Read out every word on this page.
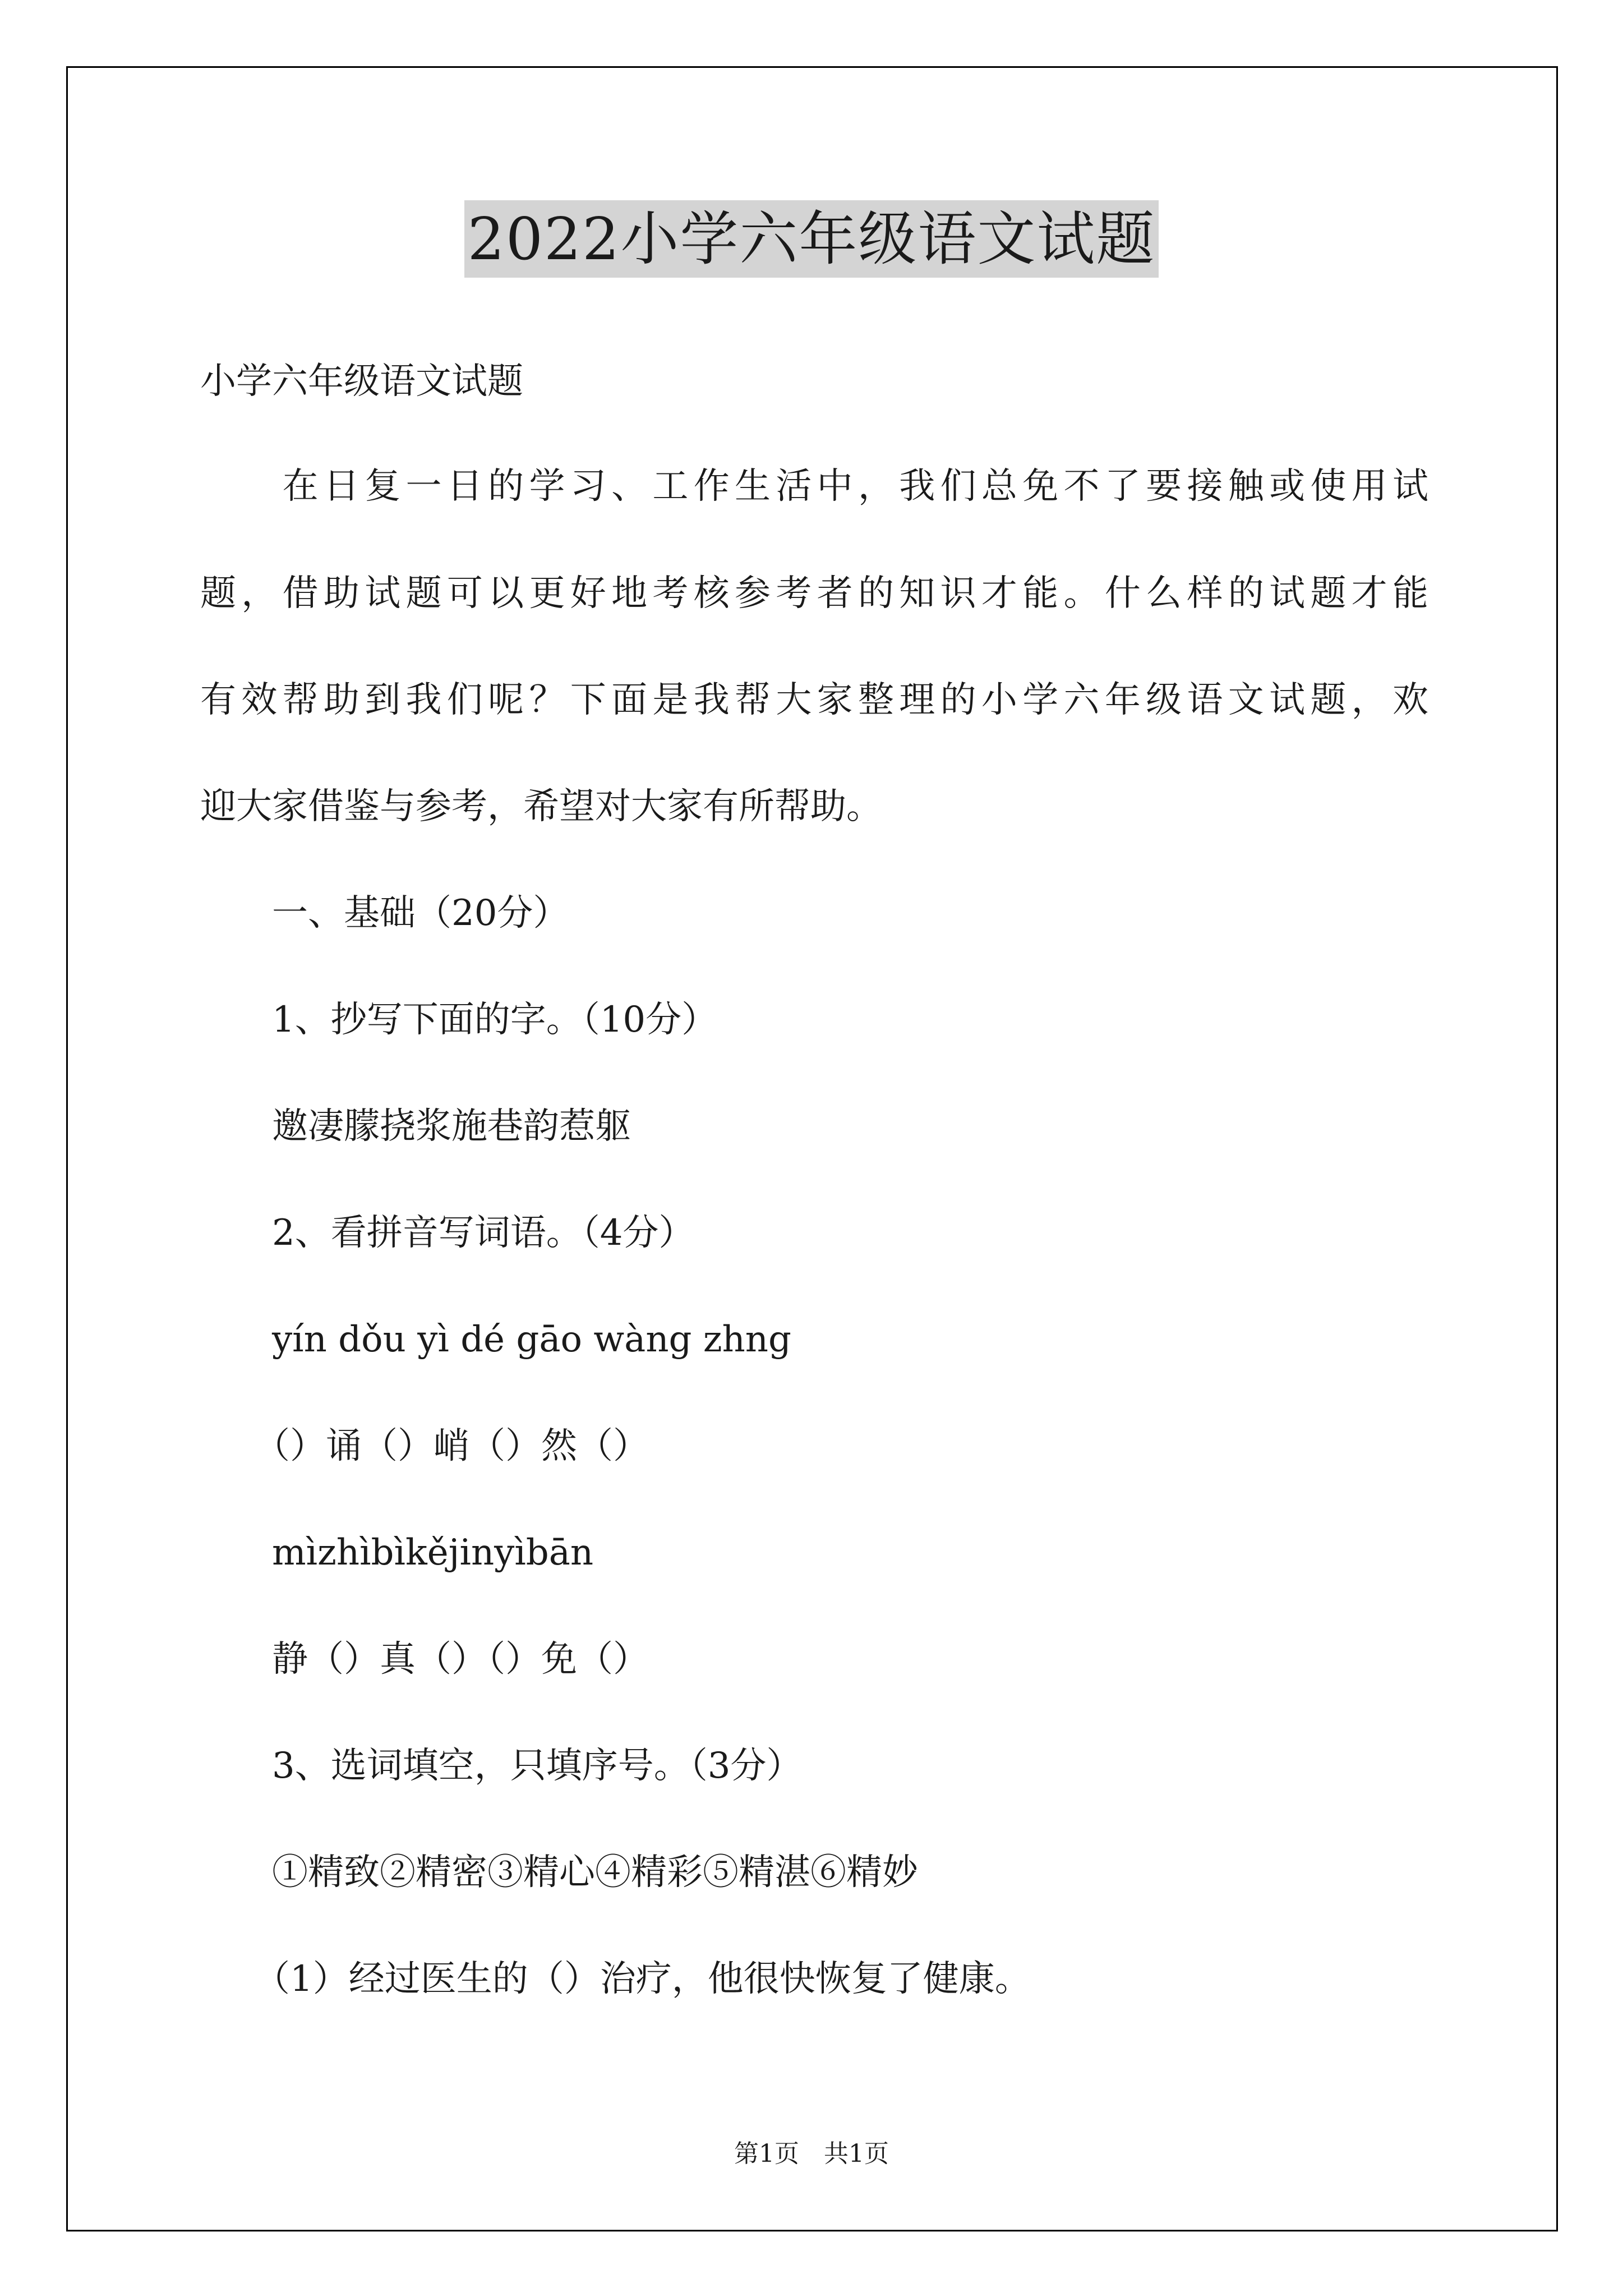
2022小学六年级语文试题
小学六年级语文试题
　　在日复一日的学习、工作生活中，我们总免不了要接触或使用试
题，借助试题可以更好地考核参考者的知识才能。什么样的试题才能
有效帮助到我们呢？下面是我帮大家整理的小学六年级语文试题，欢
迎大家借鉴与参考，希望对大家有所帮助。
　　一、基础（20分）
　　1、抄写下面的字。（10分）
　　邀凄朦挠浆施巷韵惹躯
　　2、看拼音写词语。（4分）
　　yín dǒu yì dé gāo wàng zhng
　　（）诵（）峭（）然（）
　　mìzhìbìkějinyìbān
　　静（）真（）（）免（）
　　3、选词填空，只填序号。（3分）
　　①精致②精密③精心④精彩⑤精湛⑥精妙
　　（1）经过医生的（）治疗，他很快恢复了健康。
第1页　共1页
